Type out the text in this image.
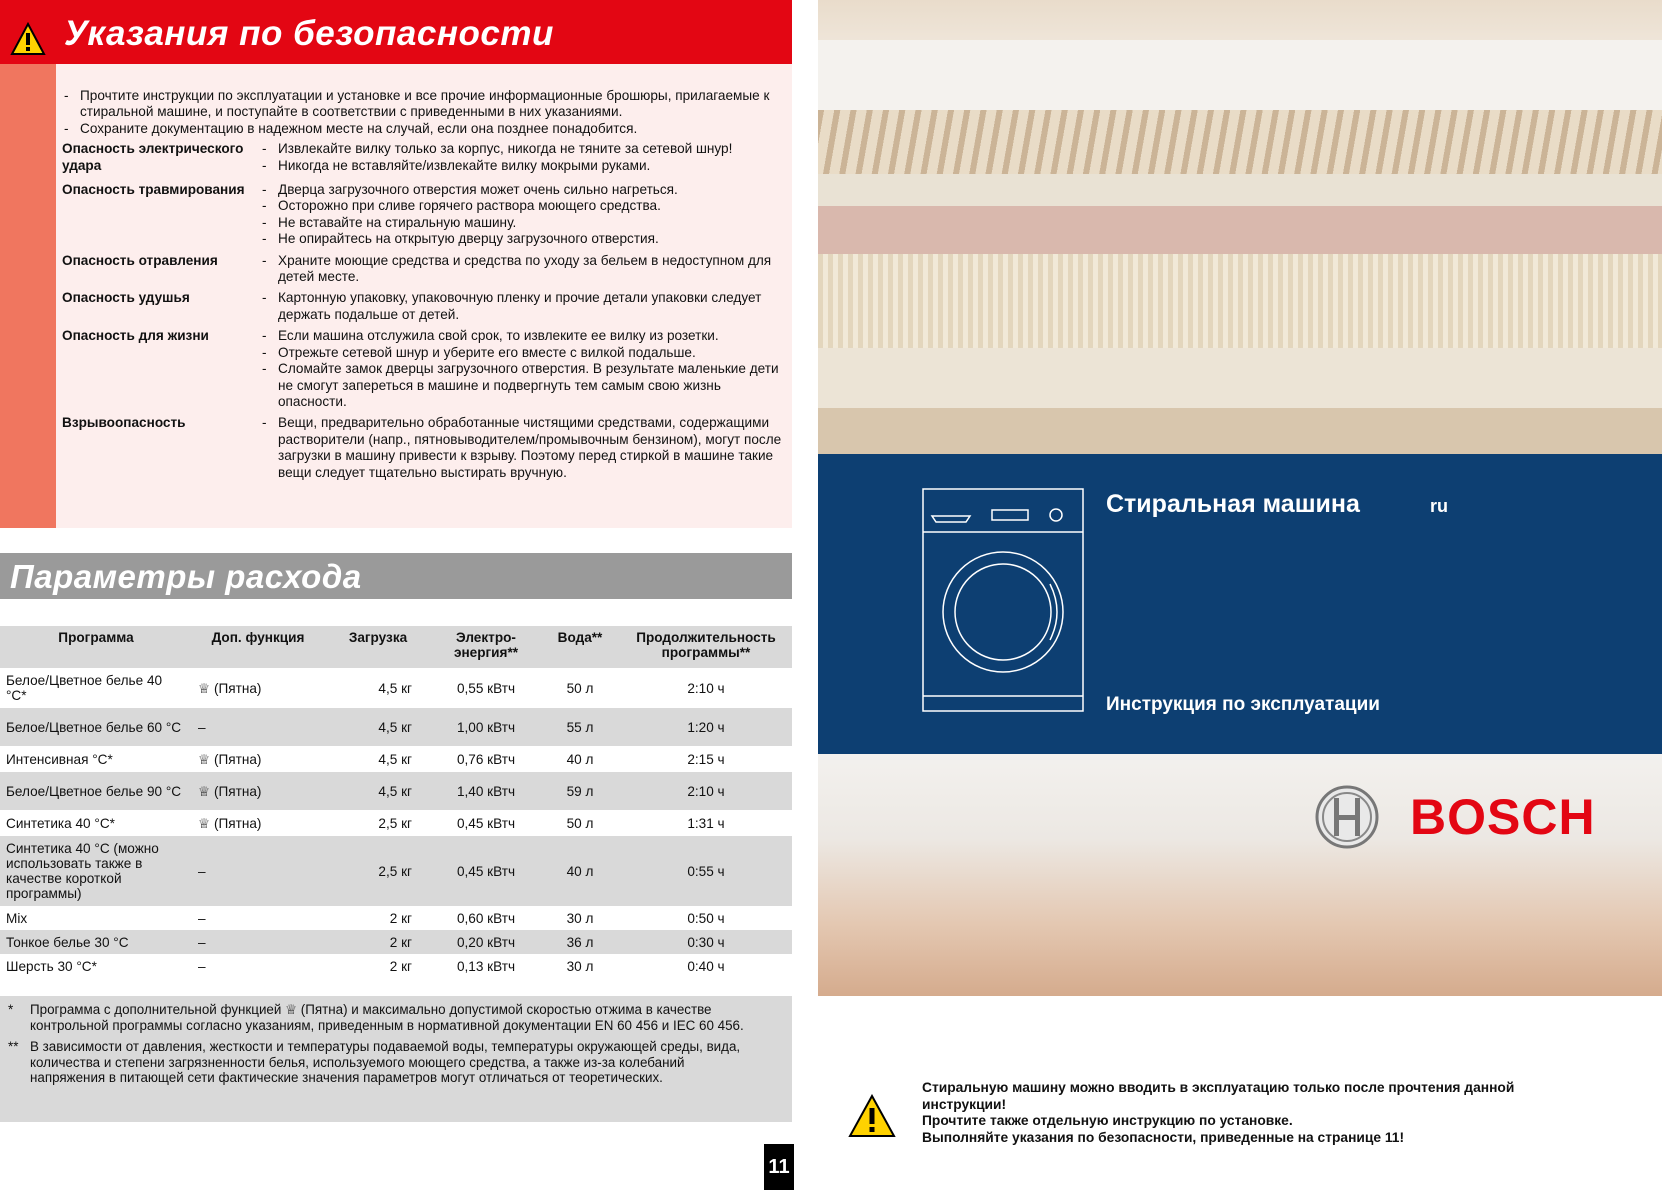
Указания по безопасности
- Прочтите инструкции по эксплуатации и установке и все прочие информационные брошюры, прилагаемые к стиральной машине, и поступайте в соответствии с приведенными в них указаниями.
- Сохраните документацию в надежном месте на случай, если она позднее понадобится.
Опасность электрического удара
- Извлекайте вилку только за корпус, никогда не тяните за сетевой шнур!
- Никогда не вставляйте/извлекайте вилку мокрыми руками.
Опасность травмирования	- Дверца загрузочного отверстия может очень сильно нагреться.
- Осторожно при сливе горячего раствора моющего средства.
- Не вставайте на стиральную машину.
- Не опирайтесь на открытую дверцу загрузочного отверстия.
Опасность отравления	- Храните моющие средства и средства по уходу за бельем в недоступном для детей месте.
Опасность удушья	- Картонную упаковку, упаковочную пленку и прочие детали упаковки следует держать подальше от детей.
Опасность для жизни	- Если машина отслужила свой срок, то извлеките ее вилку из розетки.
- Отрежьте сетевой шнур и уберите его вместе с вилкой подальше.
- Сломайте замок дверцы загрузочного отверстия. В результате маленькие дети не смогут запереться в машине и подвергнуть тем самым свою жизнь опасности.
Взрывоопасность	- Вещи, предварительно обработанные чистящими средствами, содержащими растворители (напр., пятновыводителем/промывочным бензином), могут после загрузки в машину привести к взрыву. Поэтому перед стиркой в машине такие вещи следует тщательно выстирать вручную.
Параметры расхода
Программа	Доп. функция	Загрузка	Электро-энергия**	Вода**	Продолжительность программы**
Белое/Цветное белье 40 °C*	♕ (Пятна)	4,5 кг	0,55 кВтч	50 л	2:10 ч
Белое/Цветное белье 60 °C	–	4,5 кг	1,00 кВтч	55 л	1:20 ч
Интенсивная °C*	♕ (Пятна)	4,5 кг	0,76 кВтч	40 л	2:15 ч
Белое/Цветное белье 90 °C	♕ (Пятна)	4,5 кг	1,40 кВтч	59 л	2:10 ч
Синтетика 40 °C*	♕ (Пятна)	2,5 кг	0,45 кВтч	50 л	1:31 ч
Синтетика 40 °C (можно использовать также в качестве короткой программы)	–	2,5 кг	0,45 кВтч	40 л	0:55 ч
Mix	–	2 кг	0,60 кВтч	30 л	0:50 ч
Тонкое белье 30 °C	–	2 кг	0,20 кВтч	36 л	0:30 ч
Шерсть 30 °C*	–	2 кг	0,13 кВтч	30 л	0:40 ч
* Программа с дополнительной функцией ♕ (Пятна) и максимально допустимой скоростью отжима в качестве контрольной программы согласно указаниям, приведенным в нормативной документации EN 60 456 и IEC 60 456.
** В зависимости от давления, жесткости и температуры подаваемой воды, температуры окружающей среды, вида, количества и степени загрязненности белья, используемого моющего средства, а также из-за колебаний напряжения в питающей сети фактические значения параметров могут отличаться от теоретических.
11
Стиральная машина	ru
Инструкция по эксплуатации
BOSCH
Стиральную машину можно вводить в эксплуатацию только после прочтения данной инструкции!
Прочтите также отдельную инструкцию по установке.
Выполняйте указания по безопасности, приведенные на странице 11!
